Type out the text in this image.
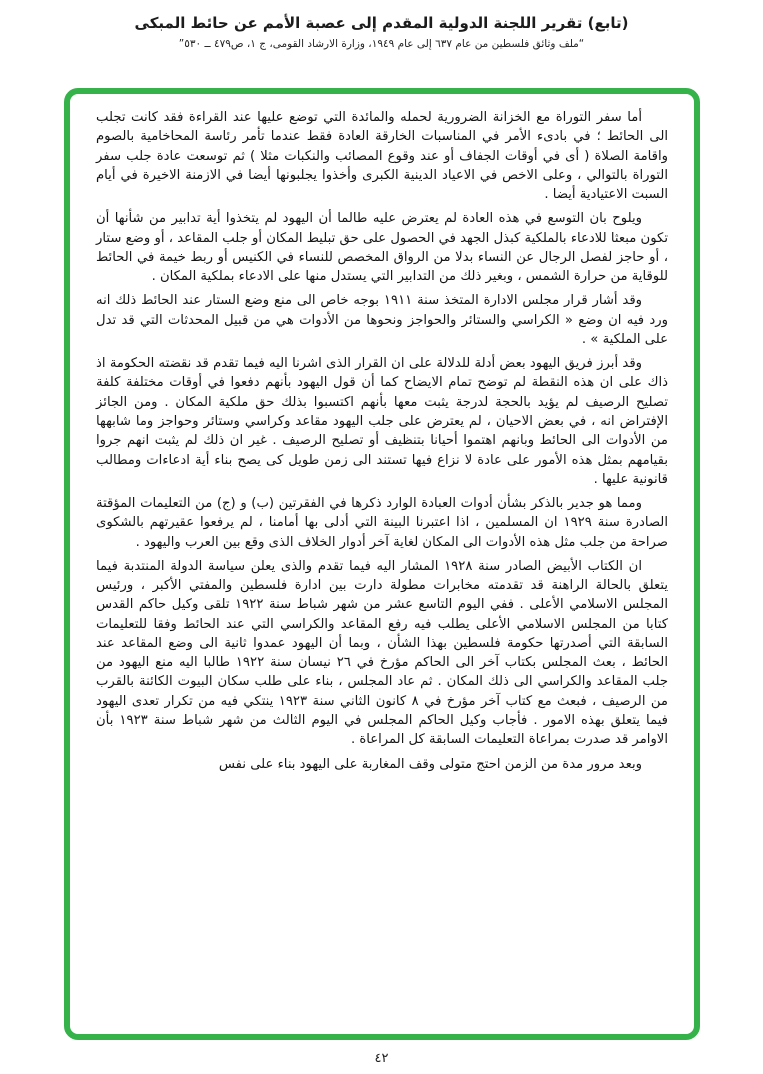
(تابع) تقرير اللجنة الدولية المقدم إلى عصبة الأمم عن حائط المبكى

“ملف وثائق فلسطين من عام ٦٣٧ إلى عام ١٩٤٩، وزارة الارشاد القومى، ج ١، ص٤٧٩ ــ ٥٣٠”

أما سفر التوراة مع الخزانة الضرورية لحمله والمائدة التي توضع عليها عند القراءة فقد كانت تجلب الى الحائط ؛ في بادىء الأمر في المناسبات الخارقة العادة فقط عندما تأمر رئاسة المحاخامية بالصوم واقامة الصلاة ( أى في أوقات الجفاف أو عند وقوع المصائب والنكبات مثلا ) ثم توسعت عادة جلب سفر التوراة بالتوالي ، وعلى الاخص في الاعياد الدينية الكبرى وأخذوا يجلبونها أيضا في الازمنة الاخيرة في أيام السبت الاعتيادية أيضا .

ويلوح بان التوسع في هذه العادة لم يعترض عليه طالما أن اليهود لم يتخذوا أية تدابير من شأنها أن تكون مبعثا للادعاء بالملكية كبذل الجهد في الحصول على حق تبليط المكان أو جلب المقاعد ، أو وضع ستار ، أو حاجز لفصل الرجال عن النساء بدلا من الرواق المخصص للنساء في الكنيس أو ربط خيمة في الحائط للوقاية من حرارة الشمس ، وبغير ذلك من التدابير التي يستدل منها على الادعاء بملكية المكان .

وقد أشار قرار مجلس الادارة المتخذ سنة ١٩١١ بوجه خاص الى منع وضع الستار عند الحائط ذلك انه ورد فيه ان وضع « الكراسي والستائر والحواجز ونحوها من الأدوات هي من قبيل المحدثات التي قد تدل على الملكية » .

وقد أبرز فريق اليهود بعض أدلة للدلالة على ان القرار الذى اشرنا اليه فيما تقدم قد نقضته الحكومة اذ ذاك على ان هذه النقطة لم توضح تمام الايضاح كما أن قول اليهود بأنهم دفعوا في أوقات مختلفة كلفة تصليح الرصيف لم يؤيد بالحجة لدرجة يثبت معها بأنهم اكتسبوا بذلك حق ملكية المكان . ومن الجائز الإفتراض انه ، في بعض الاحيان ، لم يعترض على جلب اليهود مقاعد وكراسي وستائر وحواجز وما شابهها من الأدوات الى الحائط وبانهم اهتموا أحيانا بتنظيف أو تصليح الرصيف . غير ان ذلك لم يثبت انهم جروا بقيامهم بمثل هذه الأمور على عادة لا نزاع فيها تستند الى زمن طويل كى يصح بناء أية ادعاءات ومطالب قانونية عليها .

ومما هو جدير بالذكر بشأن أدوات العبادة الوارد ذكرها في الفقرتين (ب) و (ج) من التعليمات المؤقتة الصادرة سنة ١٩٢٩ ان المسلمين ، اذا اعتبرنا البينة التي أدلى بها أمامنا ، لم يرفعوا عقيرتهم بالشكوى صراحة من جلب مثل هذه الأدوات الى المكان لغاية آخر أدوار الخلاف الذى وقع بين العرب واليهود .

ان الكتاب الأبيض الصادر سنة ١٩٢٨ المشار اليه فيما تقدم والذى يعلن سياسة الدولة المنتدبة فيما يتعلق بالحالة الراهنة قد تقدمته مخابرات مطولة دارت بين ادارة فلسطين والمفتي الأكبر ، ورئيس المجلس الاسلامي الأعلى . ففي اليوم التاسع عشر من شهر شباط سنة ١٩٢٢ تلقى وكيل حاكم القدس كتابا من المجلس الاسلامي الأعلى يطلب فيه رفع المقاعد والكراسي التي عند الحائط وفقا للتعليمات السابقة التي أصدرتها حكومة فلسطين بهذا الشأن ، وبما أن اليهود عمدوا ثانية الى وضع المقاعد عند الحائط ، بعث المجلس بكتاب آخر الى الحاكم مؤرخ في ٢٦ نيسان سنة ١٩٢٢ طالبا اليه منع اليهود من جلب المقاعد والكراسي الى ذلك المكان . ثم عاد المجلس ، بناء على طلب سكان البيوت الكائنة بالقرب من الرصيف ، فبعث مع كتاب آخر مؤرخ في ٨ كانون الثاني سنة ١٩٢٣ ينتكي فيه من تكرار تعدى اليهود فيما يتعلق بهذه الامور . فأجاب وكيل الحاكم المجلس في اليوم الثالث من شهر شباط سنة ١٩٢٣ بأن الاوامر قد صدرت بمراعاة التعليمات السابقة كل المراعاة .

وبعد مرور مدة من الزمن احتج متولى وقف المغاربة على اليهود بناء على نفس

٤٢
